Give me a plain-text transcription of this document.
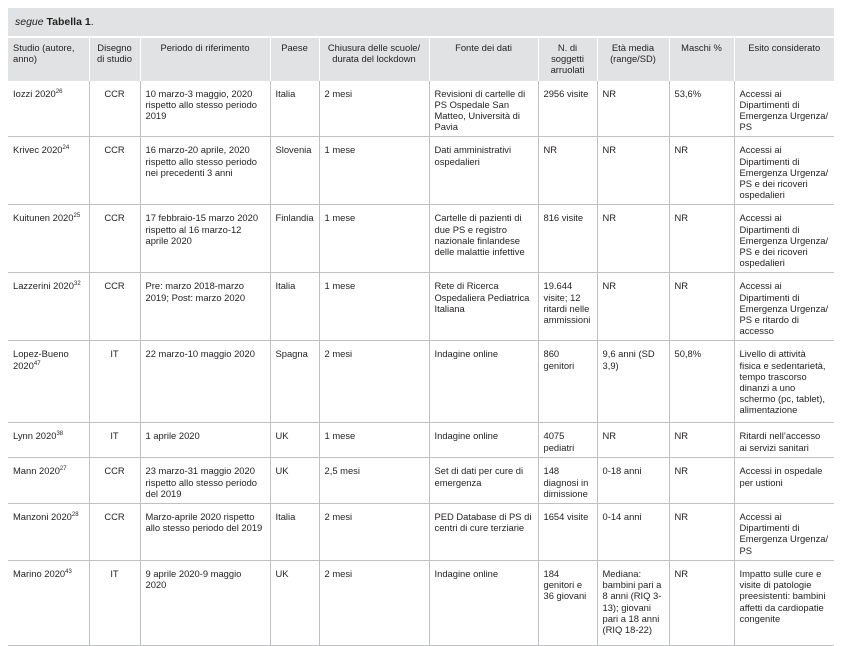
segue Tabella 1.
Studio (autore, anno)	Disegno di studio	Periodo di riferimento	Paese	Chiusura delle scuole/ durata del lockdown	Fonte dei dati	N. di soggetti arruolati	Età media (range/SD)	Maschi %	Esito considerato
Iozzi 2020$^{26}$	CCR	10 marzo-3 maggio, 2020 rispetto allo stesso periodo 2019	Italia	2 mesi	Revisioni di cartelle di PS Ospedale San Matteo, Università di Pavia	2956 visite	NR	53,6%	Accessi ai Dipartimenti di Emergenza Urgenza/ PS
Krivec 2020$^{24}$	CCR	16 marzo-20 aprile, 2020 rispetto allo stesso periodo nei precedenti 3 anni	Slovenia	1 mese	Dati amministrativi ospedalieri	NR	NR	NR	Accessi ai Dipartimenti di Emergenza Urgenza/ PS e dei ricoveri ospedalieri
Kuitunen 2020$^{25}$	CCR	17 febbraio-15 marzo 2020 rispetto al 16 marzo-12 aprile 2020	Finlandia	1 mese	Cartelle di pazienti di due PS e registro nazionale finlandese delle malattie infettive	816 visite	NR	NR	Accessi ai Dipartimenti di Emergenza Urgenza/ PS e dei ricoveri ospedalieri
Lazzerini 2020$^{32}$	CCR	Pre: marzo 2018-marzo 2019; Post: marzo 2020	Italia	1 mese	Rete di Ricerca Ospedaliera Pediatrica Italiana	19.644 visite; 12 ritardi nelle ammissioni	NR	NR	Accessi ai Dipartimenti di Emergenza Urgenza/ PS e ritardo di accesso
Lopez-Bueno 2020$^{47}$	IT	22 marzo-10 maggio 2020	Spagna	2 mesi	Indagine online	860 genitori	9,6 anni (SD 3,9)	50,8%	Livello di attività fisica e sedentarietà, tempo trascorso dinanzi a uno schermo (pc, tablet), alimentazione
Lynn 2020$^{38}$	IT	1 aprile 2020	UK	1 mese	Indagine online	4075 pediatri	NR	NR	Ritardi nell’accesso ai servizi sanitari
Mann 2020$^{27}$	CCR	23 marzo-31 maggio 2020 rispetto allo stesso periodo del 2019	UK	2,5 mesi	Set di dati per cure di emergenza	148 diagnosi in dimissione	0-18 anni	NR	Accessi in ospedale per ustioni
Manzoni 2020$^{28}$	CCR	Marzo-aprile 2020 rispetto allo stesso periodo del 2019	Italia	2 mesi	PED Database di PS di centri di cure terziarie	1654 visite	0-14 anni	NR	Accessi ai Dipartimenti di Emergenza Urgenza/ PS
Marino 2020$^{43}$	IT	9 aprile 2020-9 maggio 2020	UK	2 mesi	Indagine online	184 genitori e 36 giovani	Mediana: bambini pari a 8 anni (RIQ 3-13); giovani pari a 18 anni (RIQ 18-22)	NR	Impatto sulle cure e visite di patologie preesistenti: bambini affetti da cardiopatie congenite
